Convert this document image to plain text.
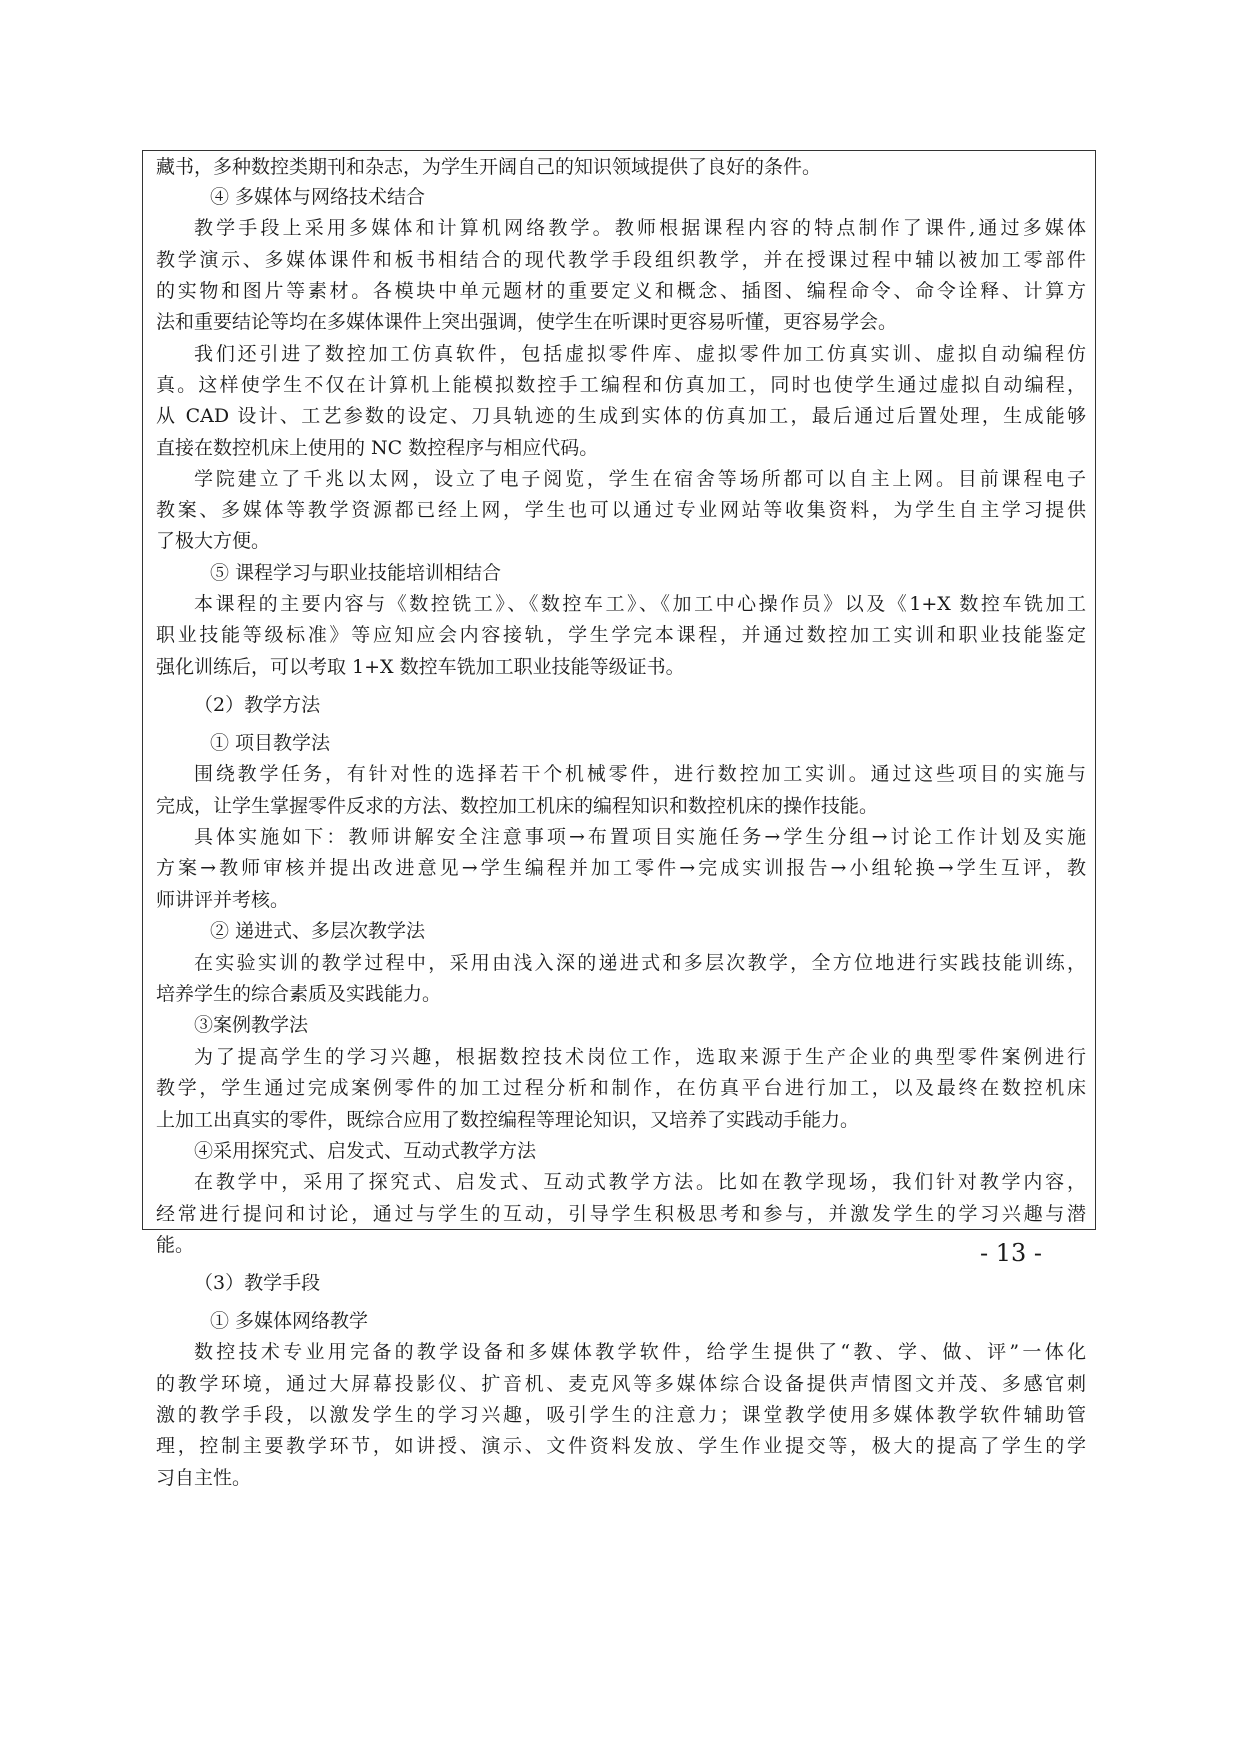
藏书，多种数控类期刊和杂志，为学生开阔自己的知识领域提供了良好的条件。
④ 多媒体与网络技术结合
教学手段上采用多媒体和计算机网络教学。教师根据课程内容的特点制作了课件,通过多媒体
教学演示、多媒体课件和板书相结合的现代教学手段组织教学，并在授课过程中辅以被加工零部件
的实物和图片等素材。各模块中单元题材的重要定义和概念、插图、编程命令、命令诠释、计算方
法和重要结论等均在多媒体课件上突出强调，使学生在听课时更容易听懂，更容易学会。
我们还引进了数控加工仿真软件，包括虚拟零件库、虚拟零件加工仿真实训、虚拟自动编程仿
真。这样使学生不仅在计算机上能模拟数控手工编程和仿真加工，同时也使学生通过虚拟自动编程，
从 CAD 设计、工艺参数的设定、刀具轨迹的生成到实体的仿真加工，最后通过后置处理，生成能够
直接在数控机床上使用的 NC 数控程序与相应代码。
学院建立了千兆以太网，设立了电子阅览，学生在宿舍等场所都可以自主上网。目前课程电子
教案、多媒体等教学资源都已经上网，学生也可以通过专业网站等收集资料，为学生自主学习提供
了极大方便。
⑤ 课程学习与职业技能培训相结合
本课程的主要内容与《数控铣工》、《数控车工》、《加工中心操作员》以及《1+X 数控车铣加工
职业技能等级标准》等应知应会内容接轨，学生学完本课程，并通过数控加工实训和职业技能鉴定
强化训练后，可以考取 1+X 数控车铣加工职业技能等级证书。
（2）教学方法
① 项目教学法
围绕教学任务，有针对性的选择若干个机械零件，进行数控加工实训。通过这些项目的实施与
完成，让学生掌握零件反求的方法、数控加工机床的编程知识和数控机床的操作技能。
具体实施如下：教师讲解安全注意事项→布置项目实施任务→学生分组→讨论工作计划及实施
方案→教师审核并提出改进意见→学生编程并加工零件→完成实训报告→小组轮换→学生互评，教
师讲评并考核。
② 递进式、多层次教学法
在实验实训的教学过程中，采用由浅入深的递进式和多层次教学，全方位地进行实践技能训练，
培养学生的综合素质及实践能力。
③案例教学法
为了提高学生的学习兴趣，根据数控技术岗位工作，选取来源于生产企业的典型零件案例进行
教学，学生通过完成案例零件的加工过程分析和制作，在仿真平台进行加工，以及最终在数控机床
上加工出真实的零件，既综合应用了数控编程等理论知识，又培养了实践动手能力。
④采用探究式、启发式、互动式教学方法
在教学中，采用了探究式、启发式、互动式教学方法。比如在教学现场，我们针对教学内容，
经常进行提问和讨论，通过与学生的互动，引导学生积极思考和参与，并激发学生的学习兴趣与潜
能。
（3）教学手段
① 多媒体网络教学
数控技术专业用完备的教学设备和多媒体教学软件，给学生提供了“教、学、做、评”一体化
的教学环境，通过大屏幕投影仪、扩音机、麦克风等多媒体综合设备提供声情图文并茂、多感官刺
激的教学手段，以激发学生的学习兴趣，吸引学生的注意力；课堂教学使用多媒体教学软件辅助管
理，控制主要教学环节，如讲授、演示、文件资料发放、学生作业提交等，极大的提高了学生的学
习自主性。
- 13 -
